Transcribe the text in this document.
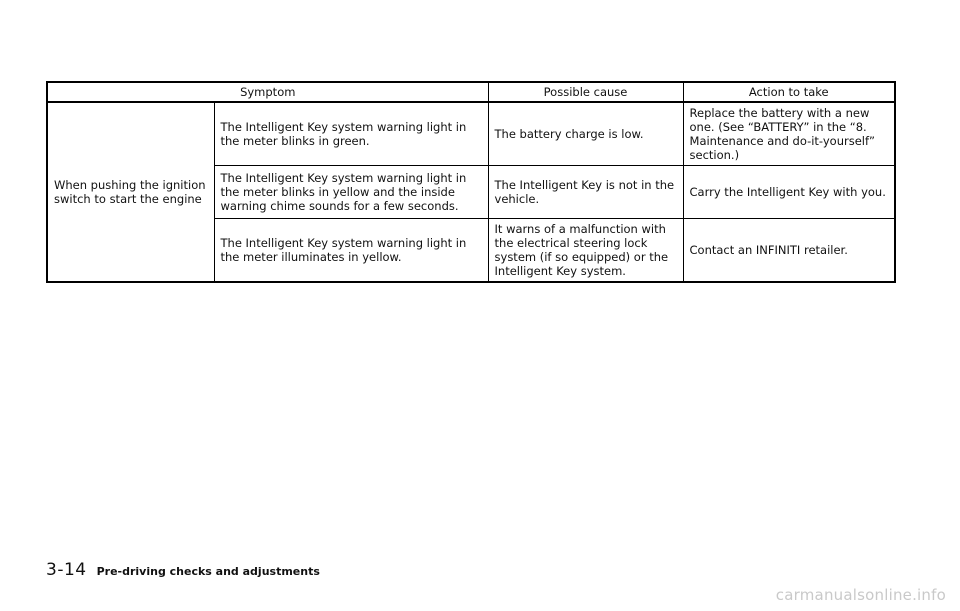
Symptom		Possible cause	Action to take
When pushing the ignition switch to start the engine	The Intelligent Key system warning light in the meter blinks in green.	The battery charge is low.	Replace the battery with a new one. (See “BATTERY” in the “8. Maintenance and do-it-yourself” section.)
	The Intelligent Key system warning light in the meter blinks in yellow and the inside warning chime sounds for a few seconds.	The Intelligent Key is not in the vehicle.	Carry the Intelligent Key with you.
	The Intelligent Key system warning light in the meter illuminates in yellow.	It warns of a malfunction with the electrical steering lock system (if so equipped) or the Intelligent Key system.	Contact an INFINITI retailer.
3-14 Pre-driving checks and adjustments
carmanualsonline.info
